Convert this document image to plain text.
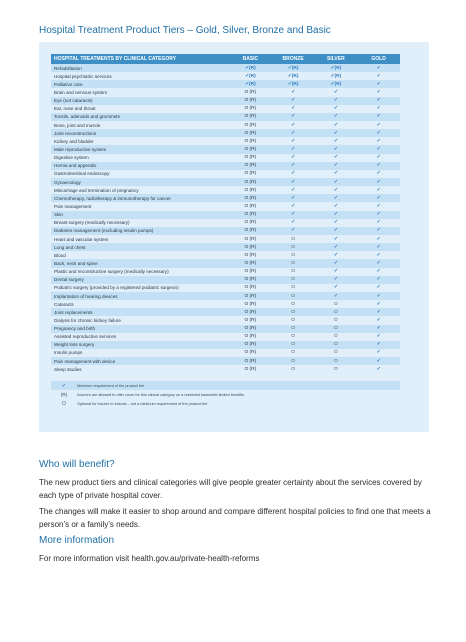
Hospital Treatment Product Tiers – Gold, Silver, Bronze and Basic
HOSPITAL TREATMENTS BY CLINICAL CATEGORY	BASIC	BRONZE	SILVER	GOLD
Rehabilitation	✓(R)	✓(R)	✓(R)	✓
Hospital psychiatric services	✓(R)	✓(R)	✓(R)	✓
Palliative care	✓(R)	✓(R)	✓(R)	✓
Brain and nervous system	O (R)	✓	✓	✓
Eye (not cataracts)	O (R)	✓	✓	✓
Ear, nose and throat	O (R)	✓	✓	✓
Tonsils, adenoids and grommets	O (R)	✓	✓	✓
Bone, joint and muscle	O (R)	✓	✓	✓
Joint reconstructions	O (R)	✓	✓	✓
Kidney and bladder	O (R)	✓	✓	✓
Male reproductive system	O (R)	✓	✓	✓
Digestive system	O (R)	✓	✓	✓
Hernia and appendix	O (R)	✓	✓	✓
Gastrointestinal endoscopy	O (R)	✓	✓	✓
Gynaecology	O (R)	✓	✓	✓
Miscarriage and termination of pregnancy	O (R)	✓	✓	✓
Chemotherapy, radiotherapy & immunotherapy for cancer	O (R)	✓	✓	✓
Pain management	O (R)	✓	✓	✓
Skin	O (R)	✓	✓	✓
Breast surgery (medically necessary)	O (R)	✓	✓	✓
Diabetes management (excluding insulin pumps)	O (R)	✓	✓	✓
Heart and vascular system	O (R)	O	✓	✓
Lung and chest	O (R)	O	✓	✓
Blood	O (R)	O	✓	✓
Back, neck and spine	O (R)	O	✓	✓
Plastic and reconstructive surgery (medically necessary)	O (R)	O	✓	✓
Dental surgery	O (R)	O	✓	✓
Podiatric surgery (provided by a registered podiatric surgeon)	O (R)	O	✓	✓
Implantation of hearing devices	O (R)	O	✓	✓
Cataracts	O (R)	O	O	✓
Joint replacements	O (R)	O	O	✓
Dialysis for chronic kidney failure	O (R)	O	O	✓
Pregnancy and birth	O (R)	O	O	✓
Assisted reproductive services	O (R)	O	O	✓
Weight loss surgery	O (R)	O	O	✓
Insulin pumps	O (R)	O	O	✓
Pain management with device	O (R)	O	O	✓
Sleep studies	O (R)	O	O	✓
✓	Minimum requirement of the product tier
(R)	Insurers are allowed to offer cover for this clinical category on a restricted basis/with limited benefits
O	Optional for insurer to include – not a minimum requirement of the product tier
Who will benefit?
The new product tiers and clinical categories will give people greater certainty about the services covered by each type of private hospital cover.
The changes will make it easier to shop around and compare different hospital policies to find one that meets a person’s or a family’s needs.
More information
For more information visit health.gov.au/private-health-reforms
